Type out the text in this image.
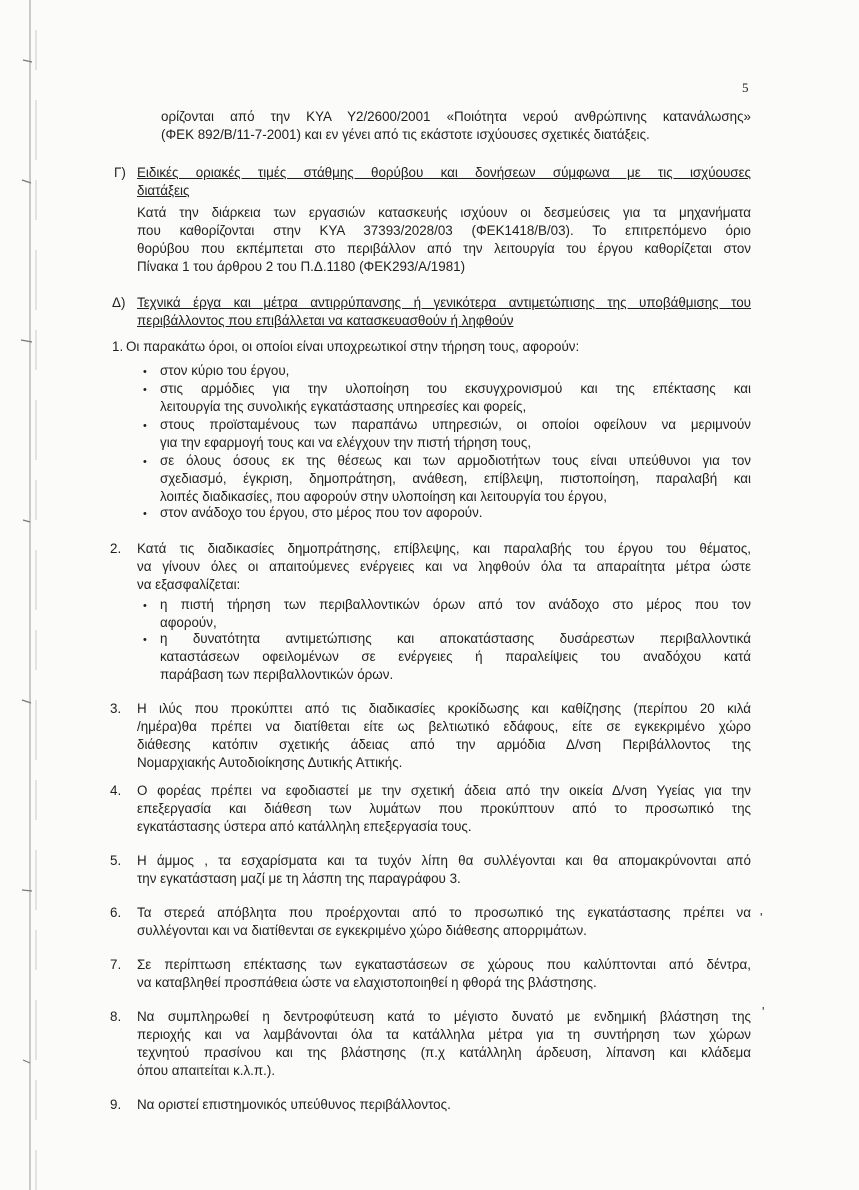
5
ορίζονται από την ΚΥΑ Υ2/2600/2001 «Ποιότητα νερού ανθρώπινης κατανάλωσης»
(ΦΕΚ 892/Β/11-7-2001) και εν γένει από τις εκάστοτε ισχύουσες σχετικές διατάξεις.
Γ) Ειδικές οριακές τιμές στάθμης θορύβου και δονήσεων σύμφωνα με τις ισχύουσες
διατάξεις
Κατά την διάρκεια των εργασιών κατασκευής ισχύουν οι δεσμεύσεις για τα μηχανήματα
που καθορίζονται στην ΚΥΑ 37393/2028/03 (ΦΕΚ1418/Β/03). Το επιτρεπόμενο όριο
θορύβου που εκπέμπεται στο περιβάλλον από την λειτουργία του έργου καθορίζεται στον
Πίνακα 1 του άρθρου 2 του Π.Δ.1180 (ΦΕΚ293/Α/1981)
Δ) Τεχνικά έργα και μέτρα αντιρρύπανσης ή γενικότερα αντιμετώπισης της υποβάθμισης του
περιβάλλοντος που επιβάλλεται να κατασκευασθούν ή ληφθούν
1. Οι παρακάτω όροι, οι οποίοι είναι υποχρεωτικοί στην τήρηση τους, αφορούν:
• στον κύριο του έργου,
• στις αρμόδιες για την υλοποίηση του εκσυγχρονισμού και της επέκτασης και
λειτουργία της συνολικής εγκατάστασης υπηρεσίες και φορείς,
• στους προϊσταμένους των παραπάνω υπηρεσιών, οι οποίοι οφείλουν να μεριμνούν
για την εφαρμογή τους και να ελέγχουν την πιστή τήρηση τους,
• σε όλους όσους εκ της θέσεως και των αρμοδιοτήτων τους είναι υπεύθυνοι για τον
σχεδιασμό, έγκριση, δημοπράτηση, ανάθεση, επίβλεψη, πιστοποίηση, παραλαβή και
λοιπές διαδικασίες, που αφορούν στην υλοποίηση και λειτουργία του έργου,
• στον ανάδοχο του έργου, στο μέρος που τον αφορούν.
2. Κατά τις διαδικασίες δημοπράτησης, επίβλεψης, και παραλαβής του έργου του θέματος,
να γίνουν όλες οι απαιτούμενες ενέργειες και να ληφθούν όλα τα απαραίτητα μέτρα ώστε
να εξασφαλίζεται:
• η πιστή τήρηση των περιβαλλοντικών όρων από τον ανάδοχο στο μέρος που τον
αφορούν,
• η δυνατότητα αντιμετώπισης και αποκατάστασης δυσάρεστων περιβαλλοντικά
καταστάσεων οφειλομένων σε ενέργειες ή παραλείψεις του αναδόχου κατά
παράβαση των περιβαλλοντικών όρων.
3. Η ιλύς που προκύπτει από τις διαδικασίες κροκίδωσης και καθίζησης (περίπου 20 κιλά
/ημέρα)θα πρέπει να διατίθεται είτε ως βελτιωτικό εδάφους, είτε σε εγκεκριμένο χώρο
διάθεσης κατόπιν σχετικής άδειας από την αρμόδια Δ/νση Περιβάλλοντος της
Νομαρχιακής Αυτοδιοίκησης Δυτικής Αττικής.
4. Ο φορέας πρέπει να εφοδιαστεί με την σχετική άδεια από την οικεία Δ/νση Υγείας για την
επεξεργασία και διάθεση των λυμάτων που προκύπτουν από το προσωπικό της
εγκατάστασης ύστερα από κατάλληλη επεξεργασία τους.
5. Η άμμος , τα εσχαρίσματα και τα τυχόν λίπη θα συλλέγονται και θα απομακρύνονται από
την εγκατάσταση μαζί με τη λάσπη της παραγράφου 3.
6. Τα στερεά απόβλητα που προέρχονται από το προσωπικό της εγκατάστασης πρέπει να
συλλέγονται και να διατίθενται σε εγκεκριμένο χώρο διάθεσης απορριμάτων.
'
7. Σε περίπτωση επέκτασης των εγκαταστάσεων σε χώρους που καλύπτονται από δέντρα,
να καταβληθεί προσπάθεια ώστε να ελαχιστοποιηθεί η φθορά της βλάστησης.
8. Να συμπληρωθεί η δεντροφύτευση κατά το μέγιστο δυνατό με ενδημική βλάστηση της
περιοχής και να λαμβάνονται όλα τα κατάλληλα μέτρα για τη συντήρηση των χώρων
τεχνητού πρασίνου και της βλάστησης (π.χ κατάλληλη άρδευση, λίπανση και κλάδεμα
όπου απαιτείται κ.λ.π.).
'
9. Να οριστεί επιστημονικός υπεύθυνος περιβάλλοντος.
